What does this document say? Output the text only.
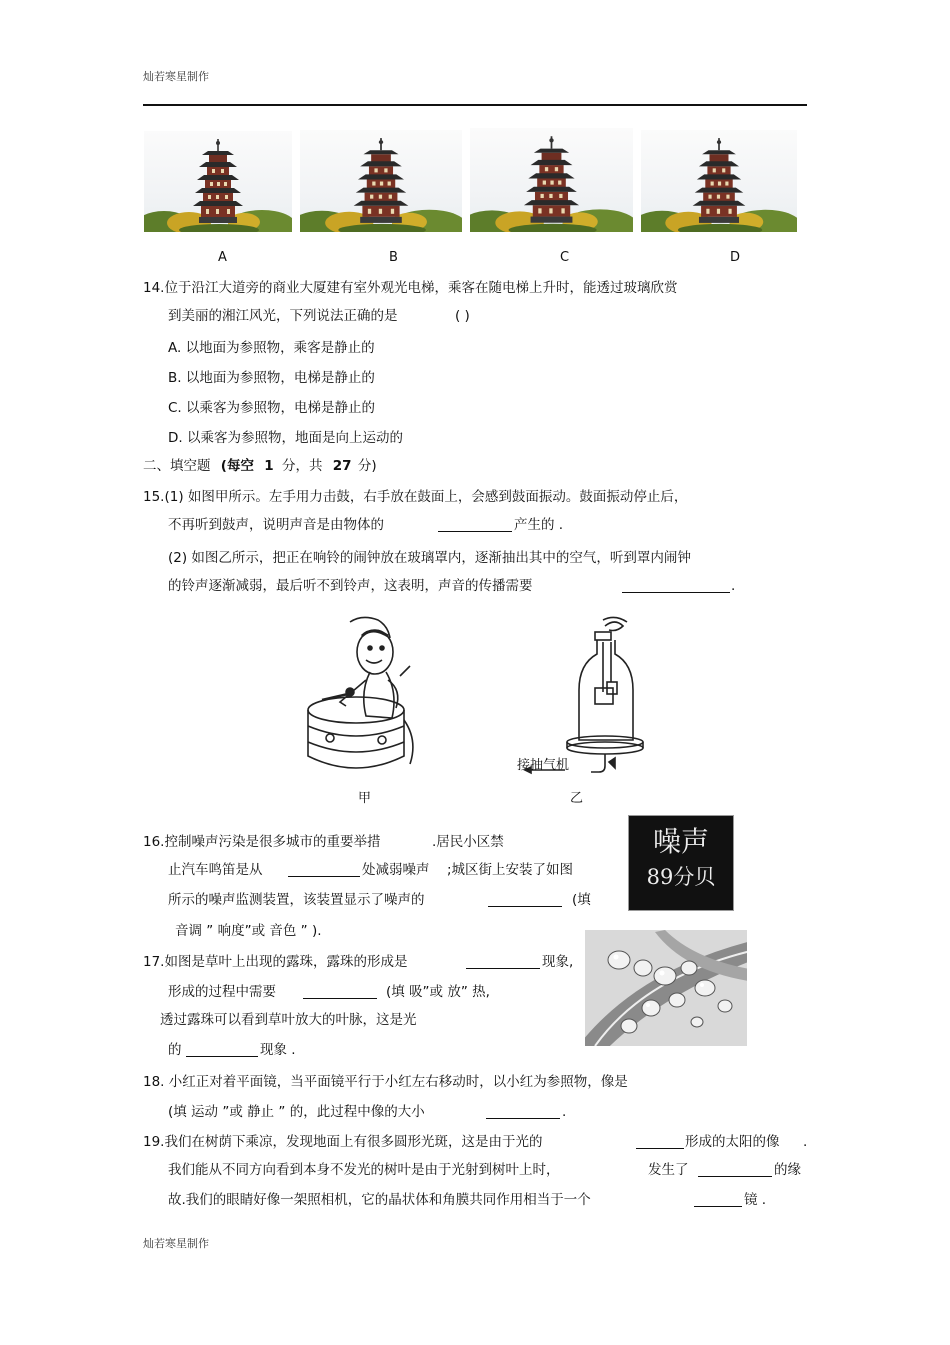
灿若寒星制作
A	B	C	D
14.位于沿江大道旁的商业大厦建有室外观光电梯，乘客在随电梯上升时，能透过玻璃欣赏
到美丽的湘江风光，下列说法正确的是	( )
A. 以地面为参照物，乘客是静止的
B. 以地面为参照物，电梯是静止的
C. 以乘客为参照物，电梯是静止的
D. 以乘客为参照物，地面是向上运动的
二、填空题 (每空 1 分，共 27 分)
15.(1) 如图甲所示。左手用力击鼓，右手放在鼓面上，会感到鼓面振动。鼓面振动停止后，
不再听到鼓声，说明声音是由物体的	产生的 .
(2) 如图乙所示，把正在响铃的闹钟放在玻璃罩内，逐渐抽出其中的空气，听到罩内闹钟
的铃声逐渐减弱，最后听不到铃声，这表明，声音的传播需要	.
甲
接抽气机
乙
16.控制噪声污染是很多城市的重要举措	.居民小区禁
止汽车鸣笛是从	处减弱噪声 ;城区街上安装了如图
所示的噪声监测装置，该装置显示了噪声的	(填
音调 ” 响度”或 音色 ” ).
噪声
89分贝
17.如图是草叶上出现的露珠，露珠的形成是	现象,
形成的过程中需要	(填 吸”或 放” 热,
透过露珠可以看到草叶放大的叶脉，这是光
的	现象 .
18. 小红正对着平面镜，当平面镜平行于小红左右移动时，以小红为参照物，像是
(填 运动 ”或 静止 ” 的，此过程中像的大小	.
19.我们在树荫下乘凉，发现地面上有很多圆形光斑，这是由于光的	形成的太阳的像 .
我们能从不同方向看到本身不发光的树叶是由于光射到树叶上时，	发生了	的缘
故.我们的眼睛好像一架照相机，它的晶状体和角膜共同作用相当于一个	镜 .
灿若寒星制作
